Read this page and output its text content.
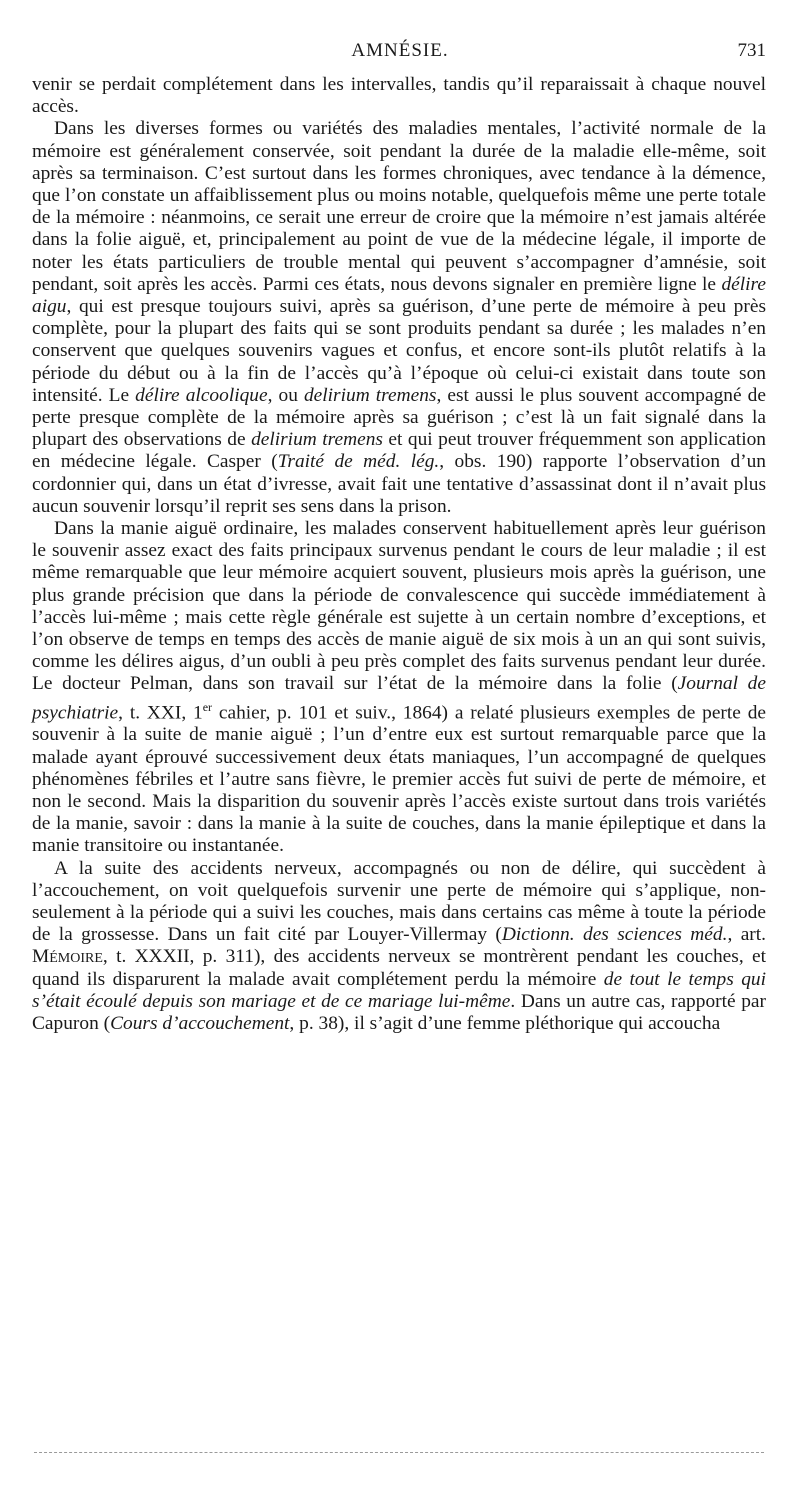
AMNÉSIE.	731

venir se perdait complétement dans les intervalles, tandis qu’il reparaissait à chaque nouvel accès.

Dans les diverses formes ou variétés des maladies mentales, l’activité normale de la mémoire est généralement conservée, soit pendant la durée de la maladie elle-même, soit après sa terminaison. C’est surtout dans les formes chroniques, avec tendance à la démence, que l’on constate un affaiblissement plus ou moins notable, quelquefois même une perte totale de la mémoire : néanmoins, ce serait une erreur de croire que la mémoire n’est jamais altérée dans la folie aiguë, et, principalement au point de vue de la médecine légale, il importe de noter les états particuliers de trouble mental qui peuvent s’accompagner d’amnésie, soit pendant, soit après les accès. Parmi ces états, nous devons signaler en première ligne le délire aigu, qui est presque toujours suivi, après sa guérison, d’une perte de mémoire à peu près complète, pour la plupart des faits qui se sont produits pendant sa durée ; les malades n’en conservent que quelques souvenirs vagues et confus, et encore sont-ils plutôt relatifs à la période du début ou à la fin de l’accès qu’à l’époque où celui-ci existait dans toute son intensité. Le délire alcoolique, ou delirium tremens, est aussi le plus souvent accompagné de perte presque complète de la mémoire après sa guérison ; c’est là un fait signalé dans la plupart des observations de delirium tremens et qui peut trouver fréquemment son application en médecine légale. Casper (Traité de méd. lég., obs. 190) rapporte l’observation d’un cordonnier qui, dans un état d’ivresse, avait fait une tentative d’assassinat dont il n’avait plus aucun souvenir lorsqu’il reprit ses sens dans la prison.

Dans la manie aiguë ordinaire, les malades conservent habituellement après leur guérison le souvenir assez exact des faits principaux survenus pendant le cours de leur maladie ; il est même remarquable que leur mémoire acquiert souvent, plusieurs mois après la guérison, une plus grande précision que dans la période de convalescence qui succède immédiatement à l’accès lui-même ; mais cette règle générale est sujette à un certain nombre d’exceptions, et l’on observe de temps en temps des accès de manie aiguë de six mois à un an qui sont suivis, comme les délires aigus, d’un oubli à peu près complet des faits survenus pendant leur durée. Le docteur Pelman, dans son travail sur l’état de la mémoire dans la folie (Journal de psychiatrie, t. XXI, 1er cahier, p. 101 et suiv., 1864) a relaté plusieurs exemples de perte de souvenir à la suite de manie aiguë ; l’un d’entre eux est surtout remarquable parce que la malade ayant éprouvé successivement deux états maniaques, l’un accompagné de quelques phénomènes fébriles et l’autre sans fièvre, le premier accès fut suivi de perte de mémoire, et non le second. Mais la disparition du souvenir après l’accès existe surtout dans trois variétés de la manie, savoir : dans la manie à la suite de couches, dans la manie épileptique et dans la manie transitoire ou instantanée.

A la suite des accidents nerveux, accompagnés ou non de délire, qui succèdent à l’accouchement, on voit quelquefois survenir une perte de mémoire qui s’applique, non-seulement à la période qui a suivi les couches, mais dans certains cas même à toute la période de la grossesse. Dans un fait cité par Louyer-Villermay (Dictionn. des sciences méd., art. Mémoire, t. XXXII, p. 311), des accidents nerveux se montrèrent pendant les couches, et quand ils disparurent la malade avait complétement perdu la mémoire de tout le temps qui s’était écoulé depuis son mariage et de ce mariage lui-même. Dans un autre cas, rapporté par Capuron (Cours d’accouchement, p. 38), il s’agit d’une femme pléthorique qui accoucha
